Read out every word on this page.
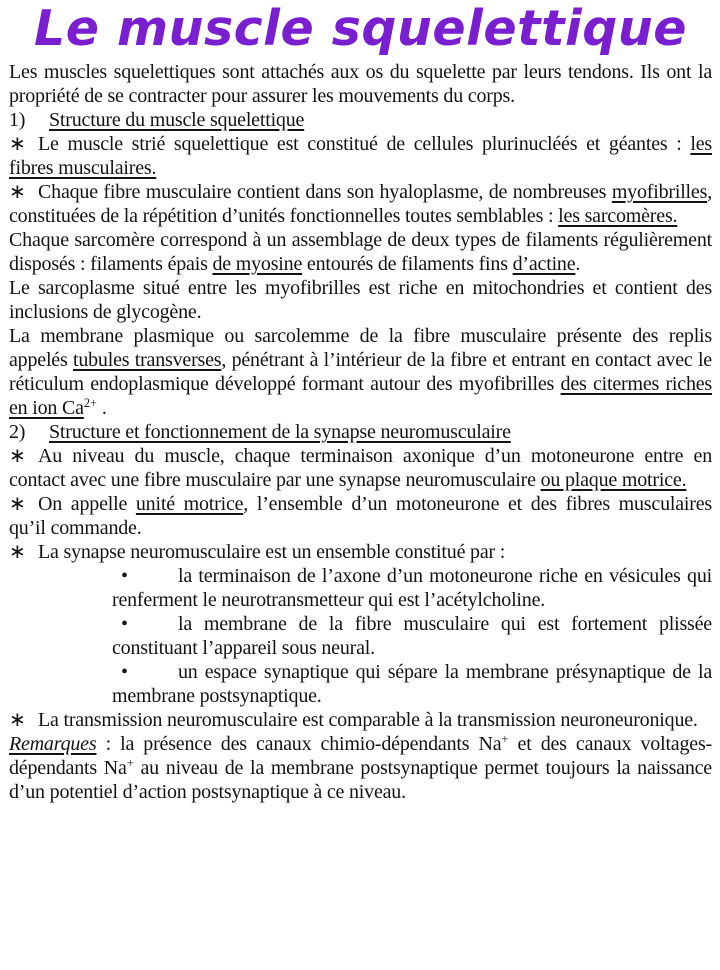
Le muscle squelettique

Les muscles squelettiques sont attachés aux os du squelette par leurs tendons. Ils ont la propriété de se contracter pour assurer les mouvements du corps.

1) Structure du muscle squelettique

∗ Le muscle strié squelettique est constitué de cellules plurinucléés et géantes : les fibres musculaires.

∗ Chaque fibre musculaire contient dans son hyaloplasme, de nombreuses myofibrilles, constituées de la répétition d’unités fonctionnelles toutes semblables : les sarcomères.

Chaque sarcomère correspond à un assemblage de deux types de filaments régulièrement disposés : filaments épais de myosine entourés de filaments fins d’actine.

Le sarcoplasme situé entre les myofibrilles est riche en mitochondries et contient des inclusions de glycogène.

La membrane plasmique ou sarcolemme de la fibre musculaire présente des replis appelés tubules transverses, pénétrant à l’intérieur de la fibre et entrant en contact avec le réticulum endoplasmique développé formant autour des myofibrilles des citermes riches en ion $Ca^{2+}$ .

2) Structure et fonctionnement de la synapse neuromusculaire

∗ Au niveau du muscle, chaque terminaison axonique d’un motoneurone entre en contact avec une fibre musculaire par une synapse neuromusculaire ou plaque motrice.

∗ On appelle unité motrice, l’ensemble d’un motoneurone et des fibres musculaires qu’il commande.

∗ La synapse neuromusculaire est un ensemble constitué par :

•	la terminaison de l’axone d’un motoneurone riche en vésicules qui renferment le neurotransmetteur qui est l’acétylcholine.

•	la membrane de la fibre musculaire qui est fortement plissée constituant l’appareil sous neural.

•	un espace synaptique qui sépare la membrane présynaptique de la membrane postsynaptique.

∗ La transmission neuromusculaire est comparable à la transmission neuroneuronique.

Remarques : la présence des canaux chimio-dépendants Na+ et des canaux voltages-dépendants Na+ au niveau de la membrane postsynaptique permet toujours la naissance d’un potentiel d’action postsynaptique à ce niveau.
